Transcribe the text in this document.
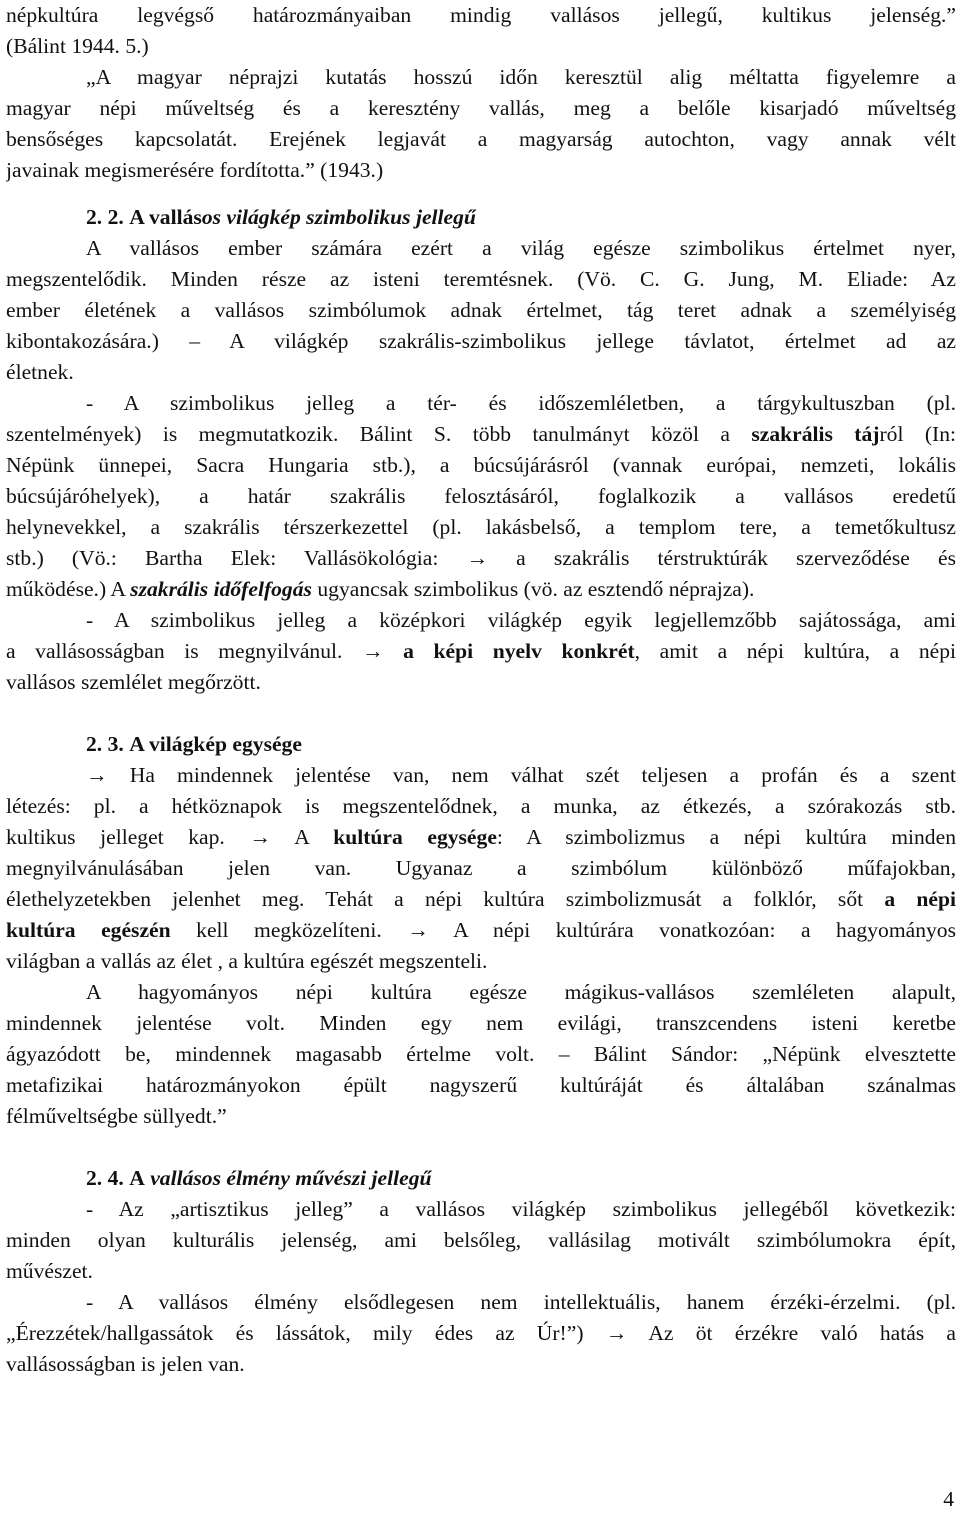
népkultúra legvégső határozmányaiban mindig vallásos jellegű, kultikus jelenség.”
(Bálint 1944. 5.)
„A magyar néprajzi kutatás hosszú időn keresztül alig méltatta figyelemre a
magyar népi műveltség és a keresztény vallás, meg a belőle kisarjadó műveltség
bensőséges kapcsolatát. Erejének legjavát a magyarság autochton, vagy annak vélt
javainak megismerésére fordította.” (1943.)
2. 2. A vallásos világkép szimbolikus jellegű
A vallásos ember számára ezért a világ egésze szimbolikus értelmet nyer,
megszentelődik. Minden része az isteni teremtésnek. (Vö. C. G. Jung, M. Eliade: Az
ember életének a vallásos szimbólumok adnak értelmet, tág teret adnak a személyiség
kibontakozására.) – A világkép szakrális-szimbolikus jellege távlatot, értelmet ad az
életnek.
- A szimbolikus jelleg a tér- és időszemléletben, a tárgykultuszban (pl.
szentelmények) is megmutatkozik. Bálint S. több tanulmányt közöl a szakrális tájról (In:
Népünk ünnepei, Sacra Hungaria stb.), a búcsújárásról (vannak európai, nemzeti, lokális
búcsújáróhelyek), a határ szakrális felosztásáról, foglalkozik a vallásos eredetű
helynevekkel, a szakrális térszerkezettel (pl. lakásbelső, a templom tere, a temetőkultusz
stb.) (Vö.: Bartha Elek: Vallásökológia: → a szakrális térstruktúrák szerveződése és
működése.) A szakrális időfelfogás ugyancsak szimbolikus (vö. az esztendő néprajza).
- A szimbolikus jelleg a középkori világkép egyik legjellemzőbb sajátossága, ami
a vallásosságban is megnyilvánul. → a képi nyelv konkrét, amit a népi kultúra, a népi
vallásos szemlélet megőrzött.
2. 3. A világkép egysége
→ Ha mindennek jelentése van, nem válhat szét teljesen a profán és a szent
létezés: pl. a hétköznapok is megszentelődnek, a munka, az étkezés, a szórakozás stb.
kultikus jelleget kap. → A kultúra egysége: A szimbolizmus a népi kultúra minden
megnyilvánulásában jelen van. Ugyanaz a szimbólum különböző műfajokban,
élethelyzetekben jelenhet meg. Tehát a népi kultúra szimbolizmusát a folklór, sőt a népi
kultúra egészén kell megközelíteni. → A népi kultúrára vonatkozóan: a hagyományos
világban a vallás az élet , a kultúra egészét megszenteli.
A hagyományos népi kultúra egésze mágikus-vallásos szemléleten alapult,
mindennek jelentése volt. Minden egy nem evilági, transzcendens isteni keretbe
ágyazódott be, mindennek magasabb értelme volt. – Bálint Sándor: „Népünk elvesztette
metafizikai határozmányokon épült nagyszerű kultúráját és általában szánalmas
félműveltségbe süllyedt.”
2. 4. A vallásos élmény művészi jellegű
- Az „artisztikus jelleg” a vallásos világkép szimbolikus jellegéből következik:
minden olyan kulturális jelenség, ami belsőleg, vallásilag motivált szimbólumokra épít,
művészet.
- A vallásos élmény elsődlegesen nem intellektuális, hanem érzéki-érzelmi. (pl.
„Érezzétek/hallgassátok és lássátok, mily édes az Úr!”) → Az öt érzékre való hatás a
vallásosságban is jelen van.
4
